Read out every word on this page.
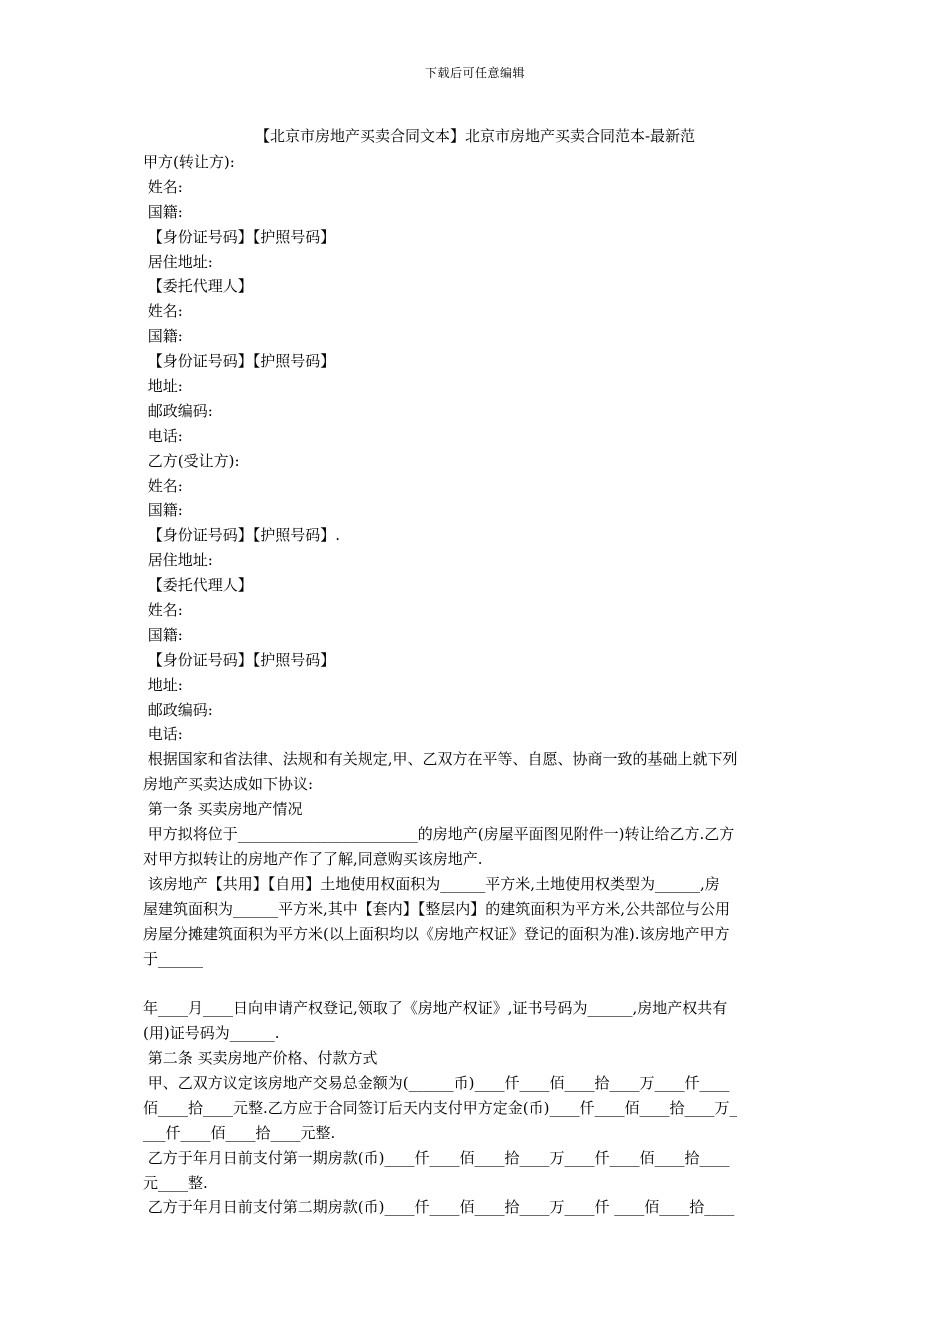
下载后可任意编辑
【北京市房地产买卖合同文本】北京市房地产买卖合同范本-最新范
甲方(转让方):
姓名:
国籍:
【身份证号码】【护照号码】
居住地址:
【委托代理人】
姓名:
国籍:
【身份证号码】【护照号码】
地址:
邮政编码:
电话:
乙方(受让方):
姓名:
国籍:
【身份证号码】【护照号码】.
居住地址:
【委托代理人】
姓名:
国籍:
【身份证号码】【护照号码】
地址:
邮政编码:
电话:
根据国家和省法律、法规和有关规定,甲、乙双方在平等、自愿、协商一致的基础上就下列
房地产买卖达成如下协议:
第一条 买卖房地产情况
甲方拟将位于________________________的房地产(房屋平面图见附件一)转让给乙方.乙方
对甲方拟转让的房地产作了了解,同意购买该房地产.
该房地产【共用】【自用】土地使用权面积为______平方米,土地使用权类型为______,房
屋建筑面积为______平方米,其中【套内】【整层内】的建筑面积为平方米,公共部位与公用
房屋分摊建筑面积为平方米(以上面积均以《房地产权证》登记的面积为准).该房地产甲方
于______
年____月____日向申请产权登记,领取了《房地产权证》,证书号码为______,房地产权共有
(用)证号码为______.
第二条 买卖房地产价格、付款方式
甲、乙双方议定该房地产交易总金额为(______币)____仟____佰____拾____万____仟____
佰____拾____元整.乙方应于合同签订后天内支付甲方定金(币)____仟____佰____拾____万_
___仟____佰____拾____元整.
乙方于年月日前支付第一期房款(币)____仟____佰____拾____万____仟____佰____拾____
元____整.
乙方于年月日前支付第二期房款(币)____仟____佰____拾____万____仟 ____佰____拾____
